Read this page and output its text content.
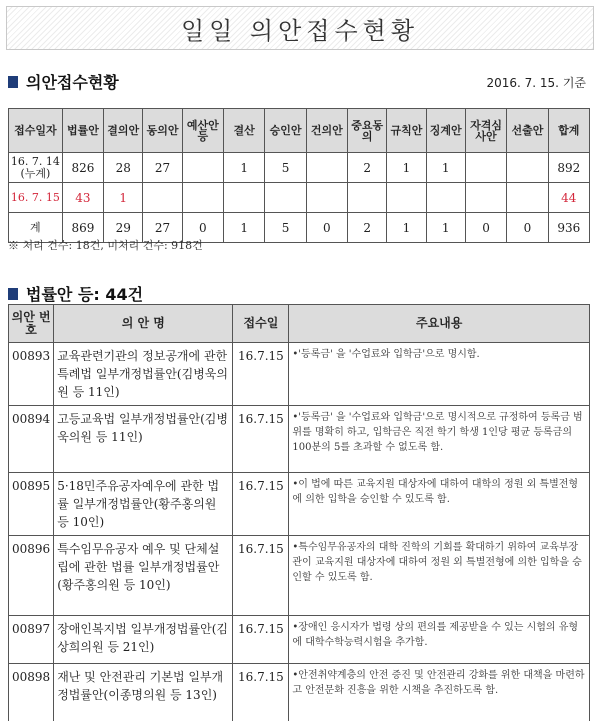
일일 의안접수현황
의안접수현황	2016. 7. 15. 기준
접수일자	법률안	결의안	동의안	예산안등	결산	승인안	건의안	중요동의	규칙안	징계안	자격심사안	선출안	합계
16. 7. 14 (누계)	826	28	27		1	5		2	1	1			892
16. 7. 15	43	1											44
계	869	29	27	0	1	5	0	2	1	1	0	0	936
※ 처리 건수: 18건, 미처리 건수: 918건
법률안 등: 44건
의안 번호	의 안 명	접수일	주요내용
00893	교육관련기관의 정보공개에 관한 특례법 일부개정법률안(김병욱의원 등 11인)	16.7.15	•'등록금' 을 '수업료와 입학금'으로 명시함.
00894	고등교육법 일부개정법률안(김병욱의원 등 11인)	16.7.15	•'등록금' 을 '수업료와 입학금'으로 명시적으로 규정하여 등록금 범위를 명확히 하고, 입학금은 직전 학기 학생 1인당 평균 등록금의 100분의 5를 초과할 수 없도록 함.
00895	5·18민주유공자예우에 관한 법률 일부개정법률안(황주홍의원 등 10인)	16.7.15	•이 법에 따른 교육지원 대상자에 대하여 대학의 정원 외 특별전형에 의한 입학을 승인할 수 있도록 함.
00896	특수임무유공자 예우 및 단체설립에 관한 법률 일부개정법률안(황주홍의원 등 10인)	16.7.15	•특수임무유공자의 대학 진학의 기회를 확대하기 위하여 교육부장관이 교육지원 대상자에 대하여 정원 외 특별전형에 의한 입학을 승인할 수 있도록 함.
00897	장애인복지법 일부개정법률안(김상희의원 등 21인)	16.7.15	•장애인 응시자가 법령 상의 편의를 제공받을 수 있는 시험의 유형에 대학수학능력시험을 추가함.
00898	재난 및 안전관리 기본법 일부개정법률안(이종명의원 등 13인)	16.7.15	•안전취약계층의 안전 증진 및 안전관리 강화를 위한 대책을 마련하고 안전문화 진흥을 위한 시책을 추진하도록 함.
